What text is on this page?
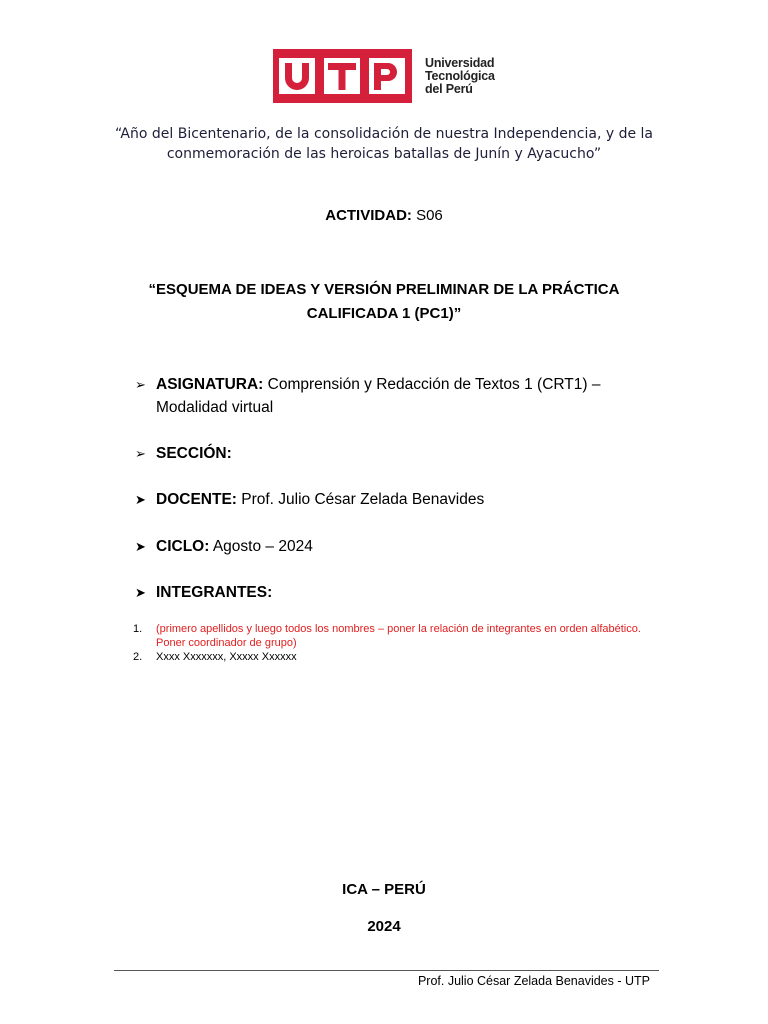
Universidad
Tecnológica
del Perú
“Año del Bicentenario, de la consolidación de nuestra Independencia, y de la
conmemoración de las heroicas batallas de Junín y Ayacucho”
ACTIVIDAD: S06
“ESQUEMA DE IDEAS Y VERSIÓN PRELIMINAR DE LA PRÁCTICA
CALIFICADA 1 (PC1)”
➢ ASIGNATURA: Comprensión y Redacción de Textos 1 (CRT1) –
Modalidad virtual
➢ SECCIÓN:
➤ DOCENTE: Prof. Julio César Zelada Benavides
➤ CICLO: Agosto – 2024
➤ INTEGRANTES:
1.	(primero apellidos y luego todos los nombres – poner la relación de integrantes en orden alfabético.
Poner coordinador de grupo)
2.	Xxxx Xxxxxxx, Xxxxx Xxxxxx
ICA – PERÚ
2024
Prof. Julio César Zelada Benavides - UTP
